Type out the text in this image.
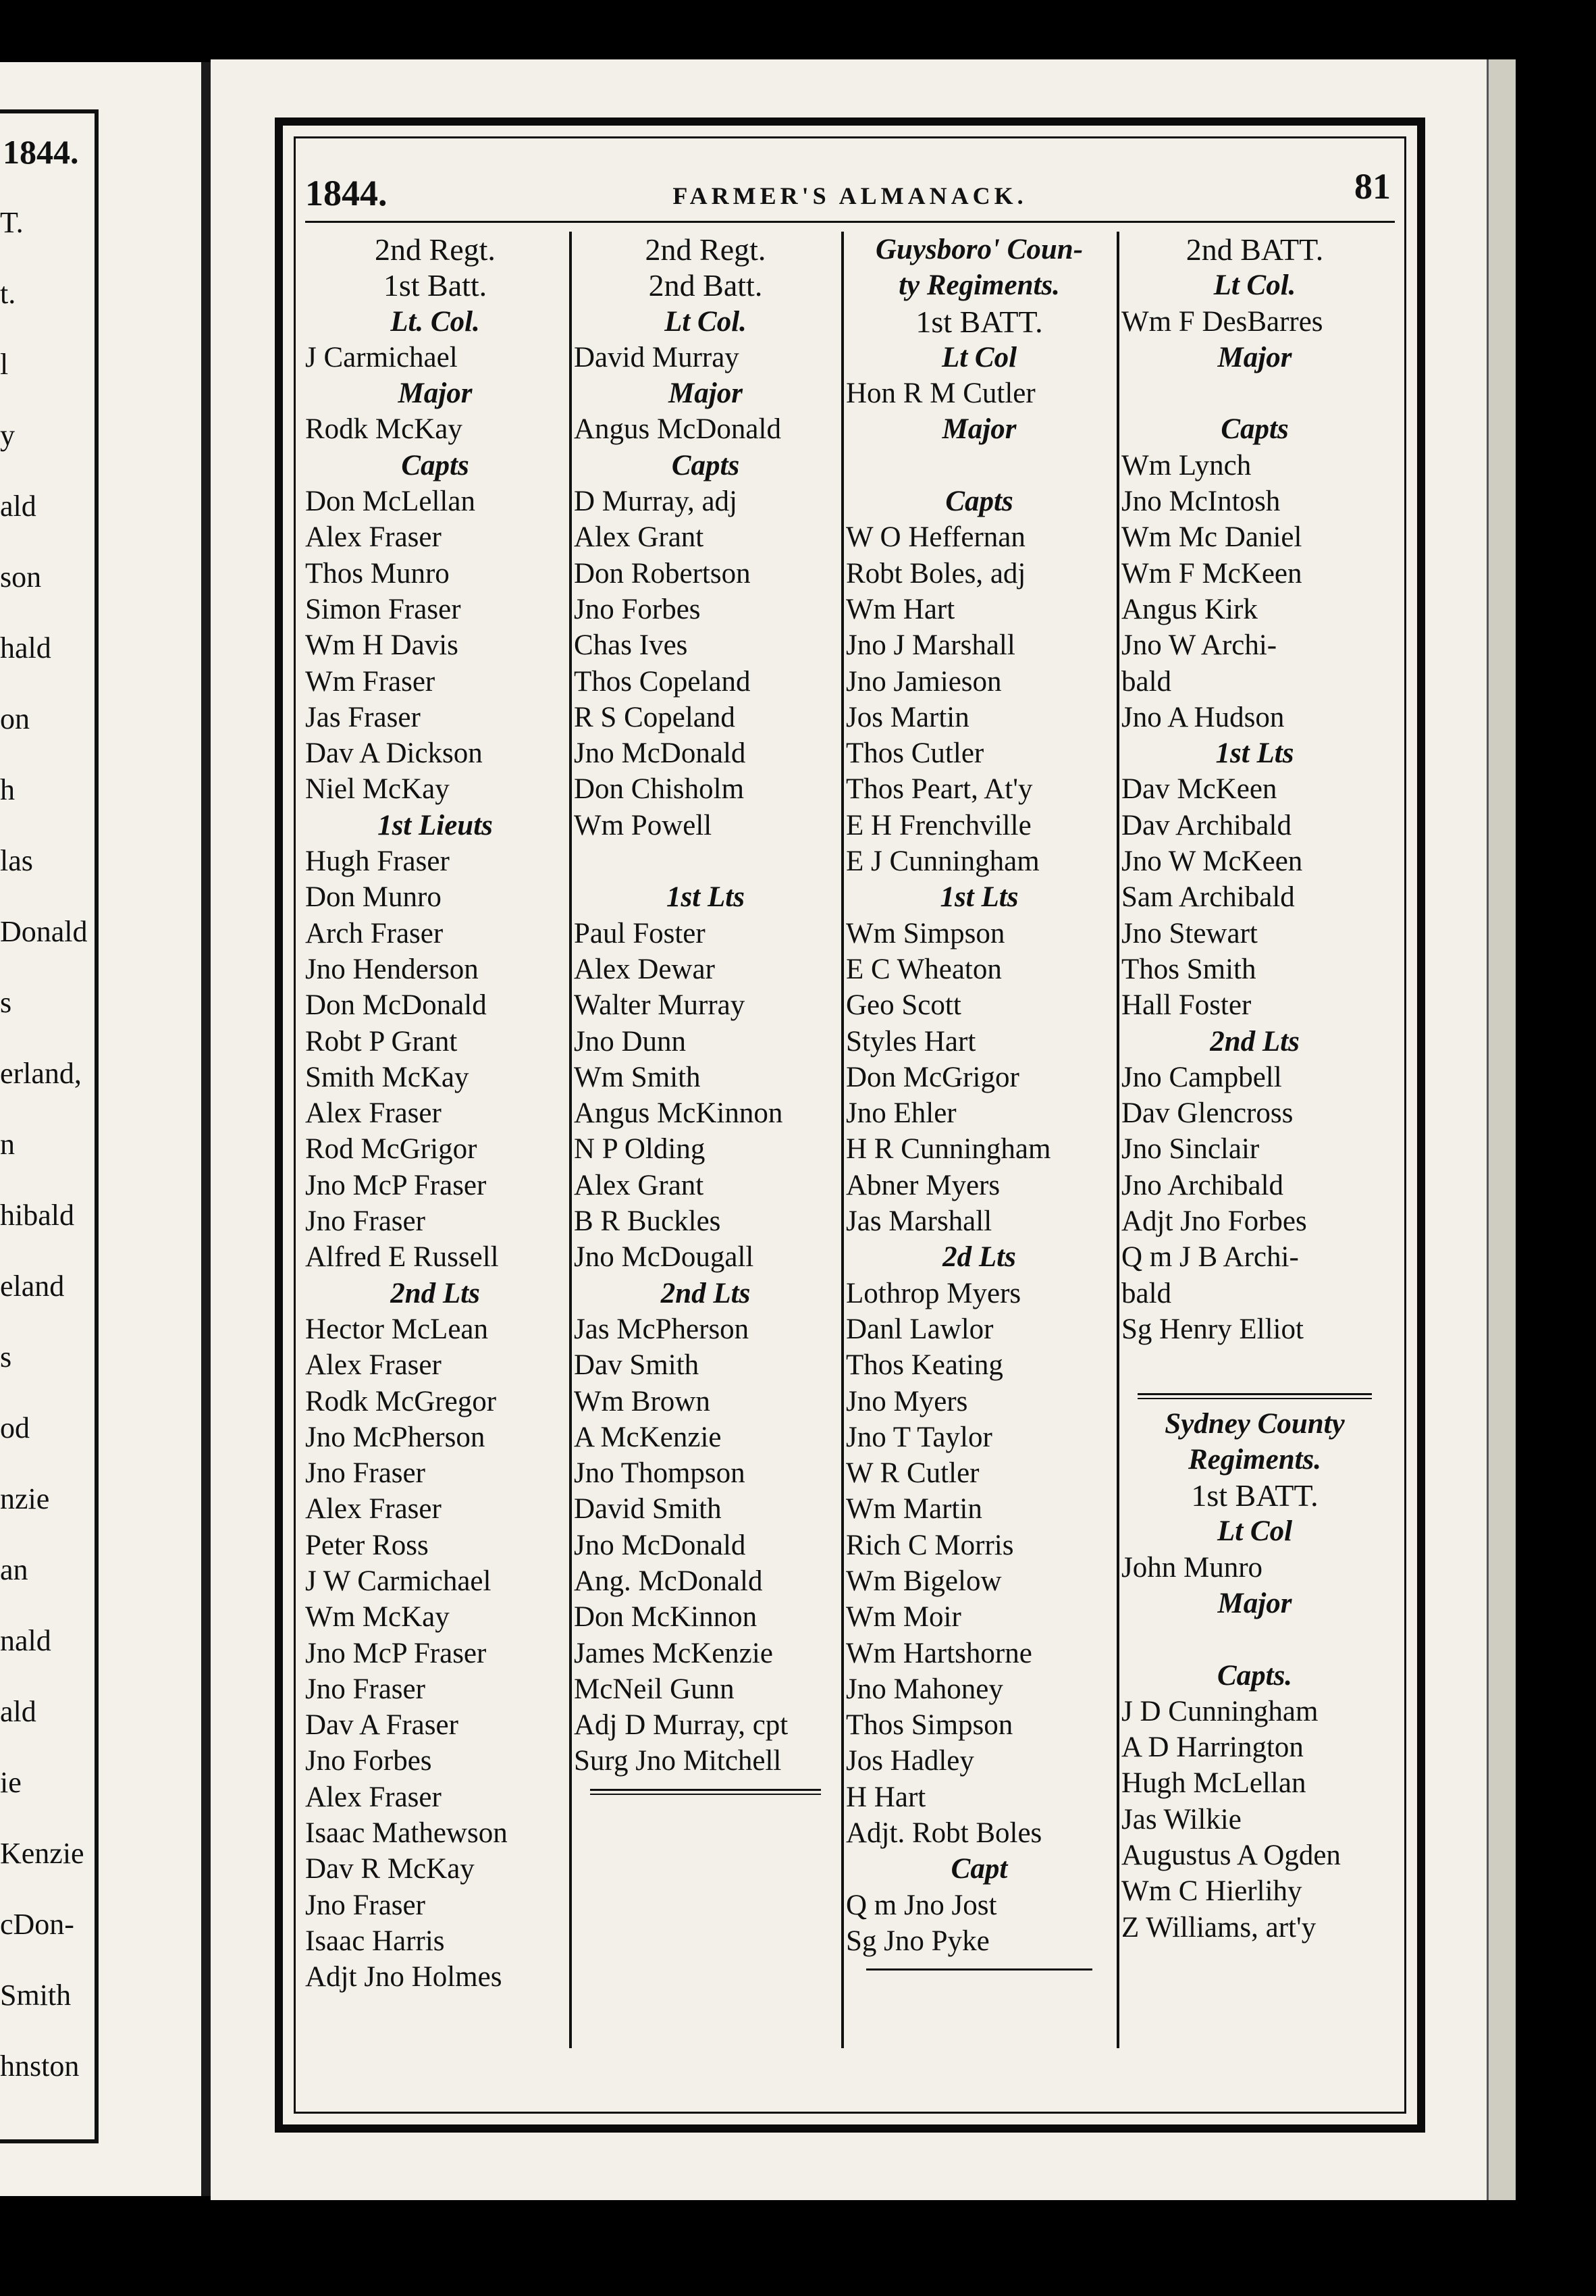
1844.
T.
t.
l
y
ald
son
hald
on
h
las
Donald
s
erland,
n
hibald
eland
s
od
nzie
an
nald
ald
ie
Kenzie
cDon-
Smith
hnston
1844.	FARMER'S ALMANACK.	81
2nd Regt.
1st Batt.
Lt. Col.
J Carmichael
Major
Rodk McKay
Capts
Don McLellan
Alex Fraser
Thos Munro
Simon Fraser
Wm H Davis
Wm Fraser
Jas Fraser
Dav A Dickson
Niel McKay
1st Lieuts
Hugh Fraser
Don Munro
Arch Fraser
Jno Henderson
Don McDonald
Robt P Grant
Smith McKay
Alex Fraser
Rod McGrigor
Jno McP Fraser
Jno Fraser
Alfred E Russell
2nd Lts
Hector McLean
Alex Fraser
Rodk McGregor
Jno McPherson
Jno Fraser
Alex Fraser
Peter Ross
J W Carmichael
Wm McKay
Jno McP Fraser
Jno Fraser
Dav A Fraser
Jno Forbes
Alex Fraser
Isaac Mathewson
Dav R McKay
Jno Fraser
Isaac Harris
Adjt Jno Holmes
2nd Regt.
2nd Batt.
Lt Col.
David Murray
Major
Angus McDonald
Capts
D Murray, adj
Alex Grant
Don Robertson
Jno Forbes
Chas Ives
Thos Copeland
R S Copeland
Jno McDonald
Don Chisholm
Wm Powell
1st Lts
Paul Foster
Alex Dewar
Walter Murray
Jno Dunn
Wm Smith
Angus McKinnon
N P Olding
Alex Grant
B R Buckles
Jno McDougall
2nd Lts
Jas McPherson
Dav Smith
Wm Brown
A McKenzie
Jno Thompson
David Smith
Jno McDonald
Ang. McDonald
Don McKinnon
James McKenzie
McNeil Gunn
Adj D Murray, cpt
Surg Jno Mitchell
Guysboro' Coun-
ty Regiments.
1st BATT.
Lt Col
Hon R M Cutler
Major
Capts
W O Heffernan
Robt Boles, adj
Wm Hart
Jno J Marshall
Jno Jamieson
Jos Martin
Thos Cutler
Thos Peart, At'y
E H Frenchville
E J Cunningham
1st Lts
Wm Simpson
E C Wheaton
Geo Scott
Styles Hart
Don McGrigor
Jno Ehler
H R Cunningham
Abner Myers
Jas Marshall
2d Lts
Lothrop Myers
Danl Lawlor
Thos Keating
Jno Myers
Jno T Taylor
W R Cutler
Wm Martin
Rich C Morris
Wm Bigelow
Wm Moir
Wm Hartshorne
Jno Mahoney
Thos Simpson
Jos Hadley
H Hart
Adjt. Robt Boles
Capt
Q m Jno Jost
Sg Jno Pyke
2nd BATT.
Lt Col.
Wm F DesBarres
Major
Capts
Wm Lynch
Jno McIntosh
Wm Mc Daniel
Wm F McKeen
Angus Kirk
Jno W Archi-
bald
Jno A Hudson
1st Lts
Dav McKeen
Dav Archibald
Jno W McKeen
Sam Archibald
Jno Stewart
Thos Smith
Hall Foster
2nd Lts
Jno Campbell
Dav Glencross
Jno Sinclair
Jno Archibald
Adjt Jno Forbes
Q m J B Archi-
bald
Sg Henry Elliot
Sydney County
Regiments.
1st BATT.
Lt Col
John Munro
Major
Capts.
J D Cunningham
A D Harrington
Hugh McLellan
Jas Wilkie
Augustus A Ogden
Wm C Hierlihy
Z Williams, art'y
